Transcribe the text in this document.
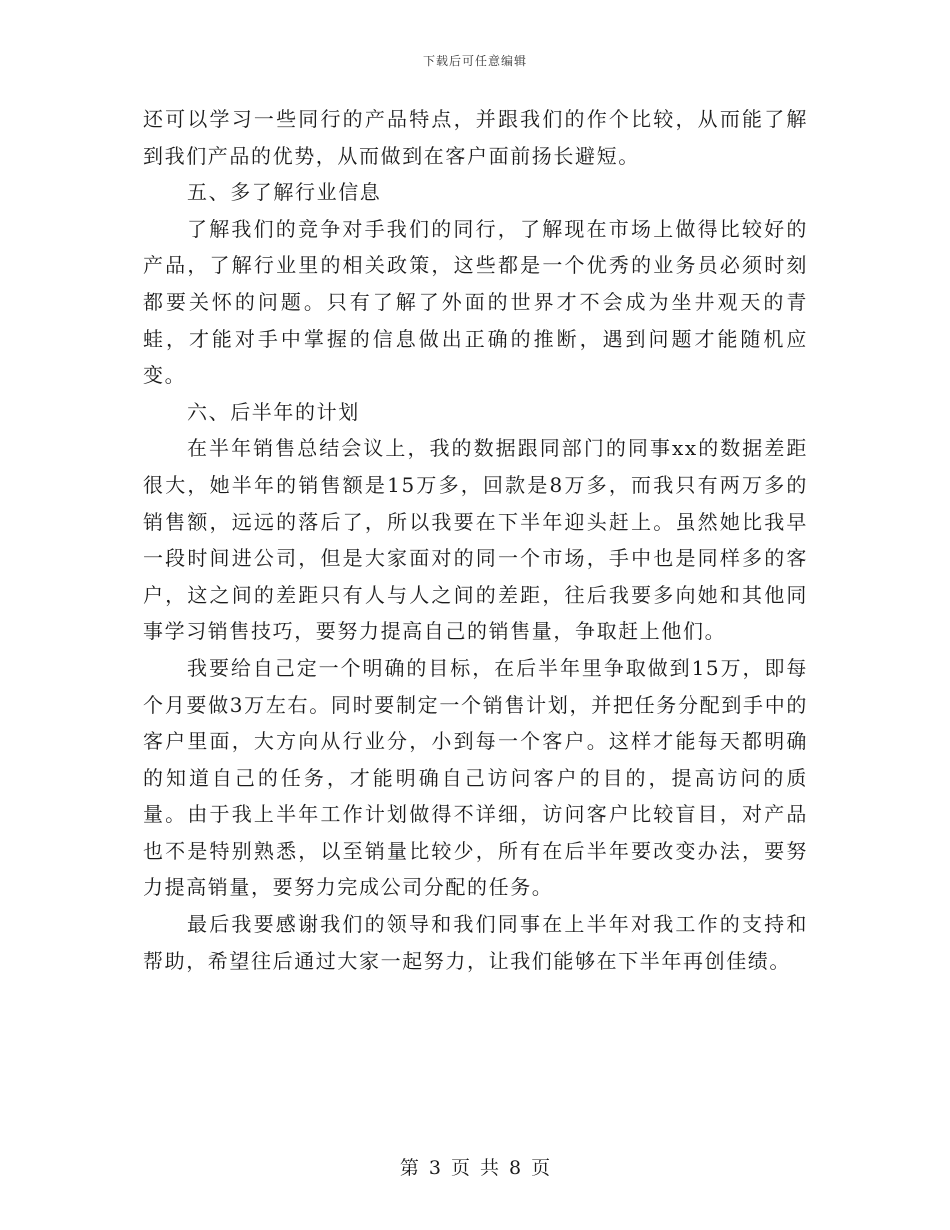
下载后可任意编辑

还可以学习一些同行的产品特点，并跟我们的作个比较，从而能了解到我们产品的优势，从而做到在客户面前扬长避短。

五、多了解行业信息

了解我们的竞争对手我们的同行，了解现在市场上做得比较好的产品，了解行业里的相关政策，这些都是一个优秀的业务员必须时刻都要关怀的问题。只有了解了外面的世界才不会成为坐井观天的青蛙，才能对手中掌握的信息做出正确的推断，遇到问题才能随机应变。

六、后半年的计划

在半年销售总结会议上，我的数据跟同部门的同事xx的数据差距很大，她半年的销售额是15万多，回款是8万多，而我只有两万多的销售额，远远的落后了，所以我要在下半年迎头赶上。虽然她比我早一段时间进公司，但是大家面对的同一个市场，手中也是同样多的客户，这之间的差距只有人与人之间的差距，往后我要多向她和其他同事学习销售技巧，要努力提高自己的销售量，争取赶上他们。

我要给自己定一个明确的目标，在后半年里争取做到15万，即每个月要做3万左右。同时要制定一个销售计划，并把任务分配到手中的客户里面，大方向从行业分，小到每一个客户。这样才能每天都明确的知道自己的任务，才能明确自己访问客户的目的，提高访问的质量。由于我上半年工作计划做得不详细，访问客户比较盲目，对产品也不是特别熟悉，以至销量比较少，所有在后半年要改变办法，要努力提高销量，要努力完成公司分配的任务。

最后我要感谢我们的领导和我们同事在上半年对我工作的支持和帮助，希望往后通过大家一起努力，让我们能够在下半年再创佳绩。

第 3 页 共 8 页
